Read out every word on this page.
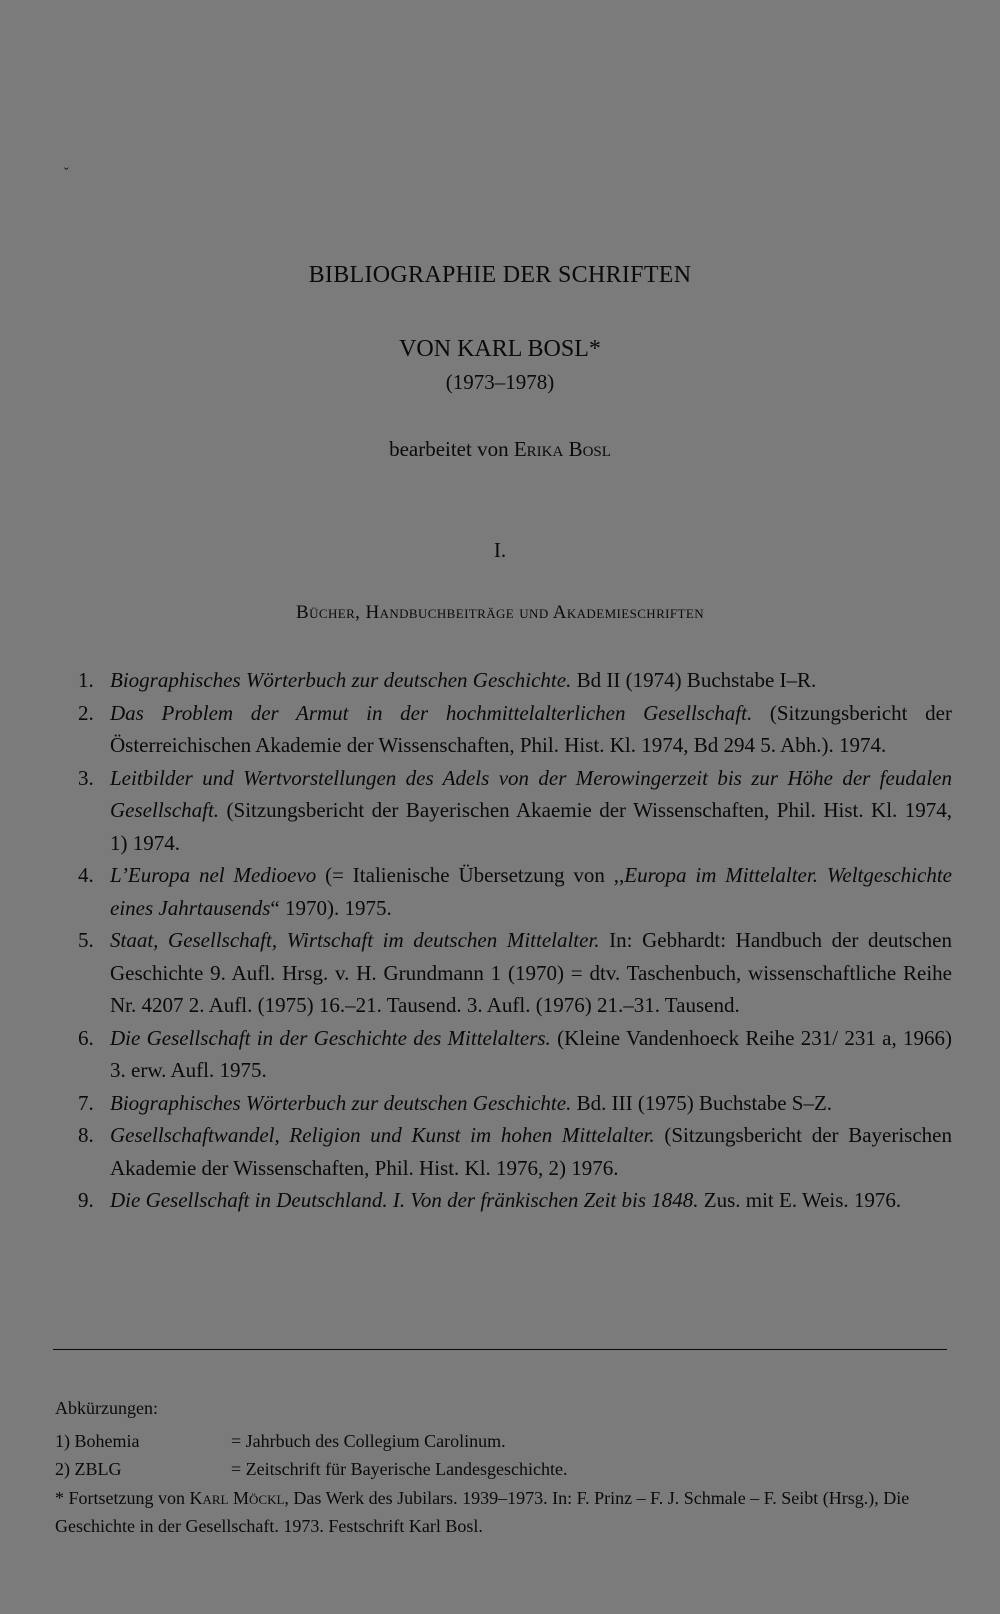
ˇ
BIBLIOGRAPHIE DER SCHRIFTEN
VON KARL BOSL*
(1973–1978)
bearbeitet von Erika Bosl
I.
Bücher, Handbuchbeiträge und Akademieschriften
1. Biographisches Wörterbuch zur deutschen Geschichte. Bd II (1974) Buchstabe I–R.
2. Das Problem der Armut in der hochmittelalterlichen Gesellschaft. (Sitzungsbericht der Österreichischen Akademie der Wissenschaften, Phil. Hist. Kl. 1974, Bd 294 5. Abh.). 1974.
3. Leitbilder und Wertvorstellungen des Adels von der Merowingerzeit bis zur Höhe der feudalen Gesellschaft. (Sitzungsbericht der Bayerischen Akaemie der Wissenschaften, Phil. Hist. Kl. 1974, 1) 1974.
4. L’Europa nel Medioevo (= Italienische Übersetzung von ,,Europa im Mittelalter. Weltgeschichte eines Jahrtausends“ 1970). 1975.
5. Staat, Gesellschaft, Wirtschaft im deutschen Mittelalter. In: Gebhardt: Handbuch der deutschen Geschichte 9. Aufl. Hrsg. v. H. Grundmann 1 (1970) = dtv. Taschenbuch, wissenschaftliche Reihe Nr. 4207 2. Aufl. (1975) 16.–21. Tausend. 3. Aufl. (1976) 21.–31. Tausend.
6. Die Gesellschaft in der Geschichte des Mittelalters. (Kleine Vandenhoeck Reihe 231/ 231 a, 1966) 3. erw. Aufl. 1975.
7. Biographisches Wörterbuch zur deutschen Geschichte. Bd. III (1975) Buchstabe S–Z.
8. Gesellschaftwandel, Religion und Kunst im hohen Mittelalter. (Sitzungsbericht der Bayerischen Akademie der Wissenschaften, Phil. Hist. Kl. 1976, 2) 1976.
9. Die Gesellschaft in Deutschland. I. Von der fränkischen Zeit bis 1848. Zus. mit E. Weis. 1976.
Abkürzungen:
1) Bohemia	= Jahrbuch des Collegium Carolinum.
2) ZBLG	= Zeitschrift für Bayerische Landesgeschichte.
* Fortsetzung von Karl Möckl, Das Werk des Jubilars. 1939–1973. In: F. Prinz – F. J. Schmale – F. Seibt (Hrsg.), Die Geschichte in der Gesellschaft. 1973. Festschrift Karl Bosl.
